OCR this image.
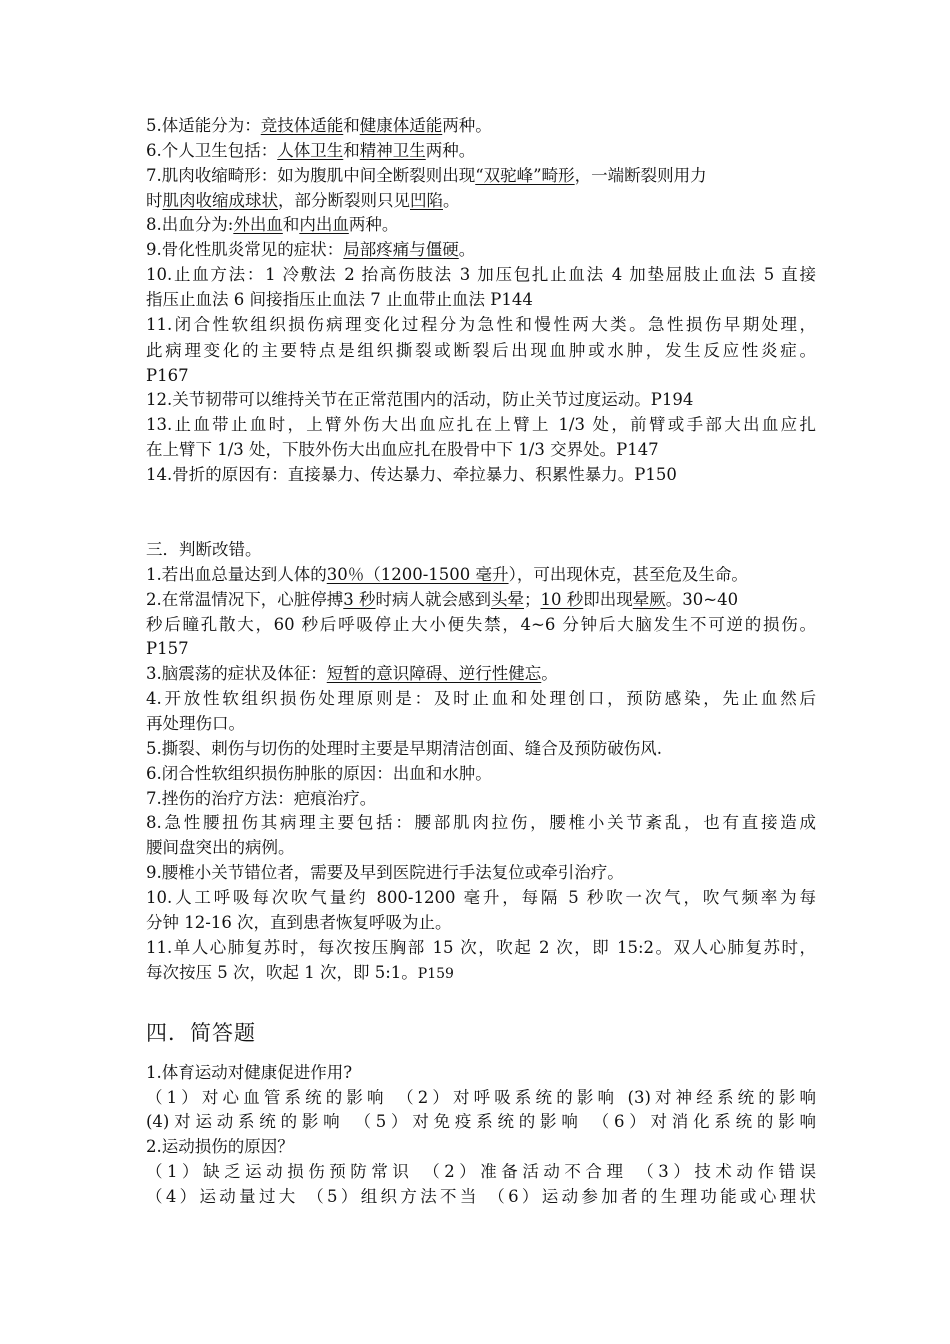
5.体适能分为：竞技体适能和健康体适能两种。
6.个人卫生包括：人体卫生和精神卫生两种。
7.肌肉收缩畸形：如为腹肌中间全断裂则出现“双驼峰”畸形，一端断裂则用力
时肌肉收缩成球状，部分断裂则只见凹陷。
8.出血分为:外出血和内出血两种。
9.骨化性肌炎常见的症状：局部疼痛与僵硬。
10.止血方法：1 冷敷法 2 抬高伤肢法 3 加压包扎止血法 4 加垫屈肢止血法 5 直接
指压止血法 6 间接指压止血法 7 止血带止血法 P144
11.闭合性软组织损伤病理变化过程分为急性和慢性两大类。急性损伤早期处理，
此病理变化的主要特点是组织撕裂或断裂后出现血肿或水肿，发生反应性炎症。
P167
12.关节韧带可以维持关节在正常范围内的活动，防止关节过度运动。P194
13.止血带止血时，上臂外伤大出血应扎在上臂上 1/3 处，前臂或手部大出血应扎
在上臂下 1/3 处，下肢外伤大出血应扎在股骨中下 1/3 交界处。P147
14.骨折的原因有：直接暴力、传达暴力、牵拉暴力、积累性暴力。P150
三．判断改错。
1.若出血总量达到人体的30％（1200-1500 毫升），可出现休克，甚至危及生命。
2.在常温情况下，心脏停搏3 秒时病人就会感到头晕；10 秒即出现晕厥。30~40
秒后瞳孔散大，60 秒后呼吸停止大小便失禁，4~6 分钟后大脑发生不可逆的损伤。
P157
3.脑震荡的症状及体征：短暂的意识障碍、逆行性健忘。
4.开放性软组织损伤处理原则是：及时止血和处理创口，预防感染，先止血然后
再处理伤口。
5.撕裂、刺伤与切伤的处理时主要是早期清洁创面、缝合及预防破伤风.
6.闭合性软组织损伤肿胀的原因：出血和水肿。
7.挫伤的治疗方法：疤痕治疗。
8.急性腰扭伤其病理主要包括：腰部肌肉拉伤，腰椎小关节紊乱，也有直接造成
腰间盘突出的病例。
9.腰椎小关节错位者，需要及早到医院进行手法复位或牵引治疗。
10.人工呼吸每次吹气量约 800-1200 毫升，每隔 5 秒吹一次气，吹气频率为每
分钟 12-16 次，直到患者恢复呼吸为止。
11.单人心肺复苏时，每次按压胸部 15 次，吹起 2 次，即 15:2。双人心肺复苏时，
每次按压 5 次，吹起 1 次，即 5:1。P159
四．简答题
1.体育运动对健康促进作用?
（1）对心血管系统的影响 （2）对呼吸系统的影响 (3)对神经系统的影响
(4)对运动系统的影响 （5）对免疫系统的影响 （6）对消化系统的影响
2.运动损伤的原因？
（1）缺乏运动损伤预防常识 （2）准备活动不合理 （3）技术动作错误
（4）运动量过大 （5）组织方法不当 （6）运动参加者的生理功能或心理状
